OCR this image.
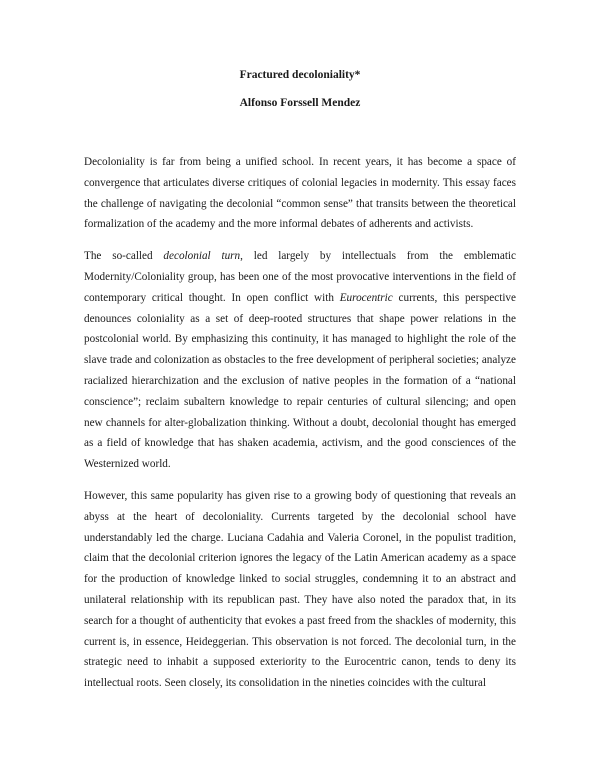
Fractured decoloniality*
Alfonso Forssell Mendez

Decoloniality is far from being a unified school. In recent years, it has become a space of convergence that articulates diverse critiques of colonial legacies in modernity. This essay faces the challenge of navigating the decolonial “common sense” that transits between the theoretical formalization of the academy and the more informal debates of adherents and activists.

The so-called decolonial turn, led largely by intellectuals from the emblematic Modernity/Coloniality group, has been one of the most provocative interventions in the field of contemporary critical thought. In open conflict with Eurocentric currents, this perspective denounces coloniality as a set of deep-rooted structures that shape power relations in the postcolonial world. By emphasizing this continuity, it has managed to highlight the role of the slave trade and colonization as obstacles to the free development of peripheral societies; analyze racialized hierarchization and the exclusion of native peoples in the formation of a “national conscience”; reclaim subaltern knowledge to repair centuries of cultural silencing; and open new channels for alter-globalization thinking. Without a doubt, decolonial thought has emerged as a field of knowledge that has shaken academia, activism, and the good consciences of the Westernized world.

However, this same popularity has given rise to a growing body of questioning that reveals an abyss at the heart of decoloniality. Currents targeted by the decolonial school have understandably led the charge. Luciana Cadahia and Valeria Coronel, in the populist tradition, claim that the decolonial criterion ignores the legacy of the Latin American academy as a space for the production of knowledge linked to social struggles, condemning it to an abstract and unilateral relationship with its republican past. They have also noted the paradox that, in its search for a thought of authenticity that evokes a past freed from the shackles of modernity, this current is, in essence, Heideggerian. This observation is not forced. The decolonial turn, in the strategic need to inhabit a supposed exteriority to the Eurocentric canon, tends to deny its intellectual roots. Seen closely, its consolidation in the nineties coincides with the cultural
